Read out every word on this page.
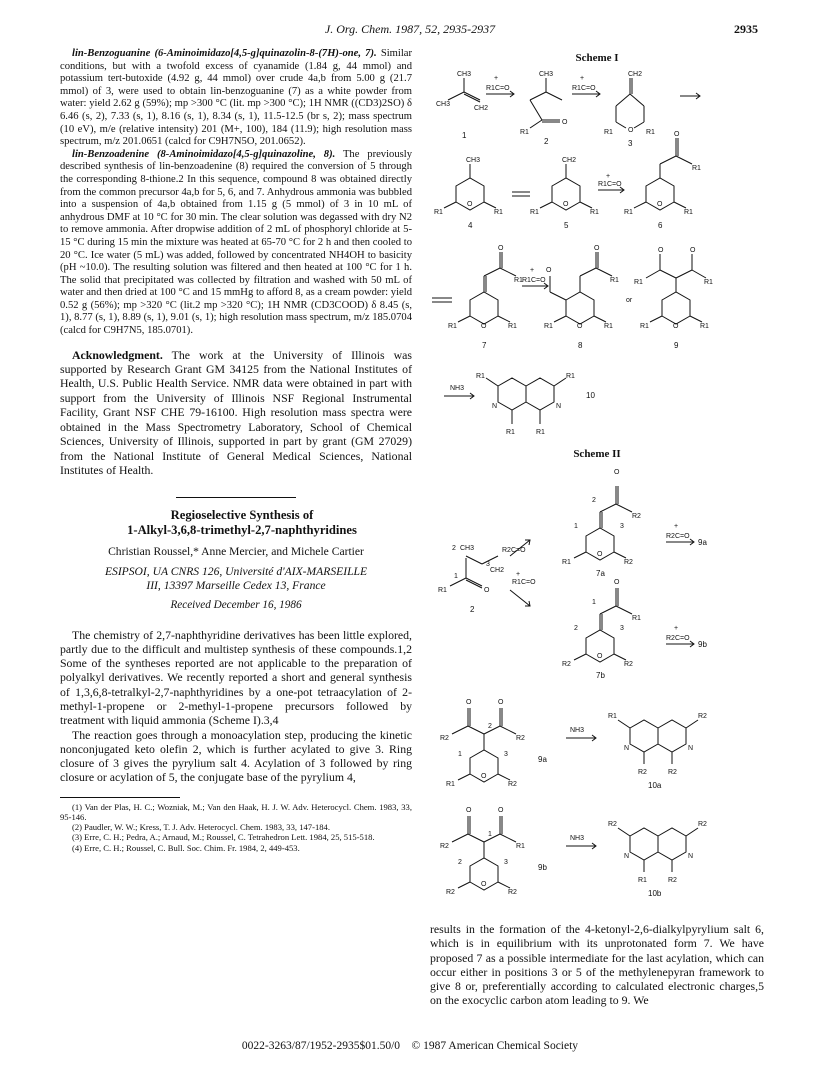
J. Org. Chem. 1987, 52, 2935-2937	2935

lin-Benzoguanine (6-Aminoimidazo[4,5-g]quinazolin-8-(7H)-one, 7). Similar conditions, but with a twofold excess of cyanamide (1.84 g, 44 mmol) and potassium tert-butoxide (4.92 g, 44 mmol) over crude 4a,b from 5.00 g (21.7 mmol) of 3, were used to obtain lin-benzoguanine (7) as a white powder from water: yield 2.62 g (59%); mp >300 °C (lit. mp >300 °C); 1H NMR ((CD3)2SO) δ 6.46 (s, 2), 7.33 (s, 1), 8.16 (s, 1), 8.34 (s, 1), 11.5-12.5 (br s, 2); mass spectrum (10 eV), m/e (relative intensity) 201 (M+, 100), 184 (11.9); high resolution mass spectrum, m/z 201.0651 (calcd for C9H7N5O, 201.0652).

lin-Benzoadenine (8-Aminoimidazo[4,5-g]quinazoline, 8). The previously described synthesis of lin-benzoadenine (8) required the conversion of 5 through the corresponding 8-thione.2 In this sequence, compound 8 was obtained directly from the common precursor 4a,b for 5, 6, and 7. Anhydrous ammonia was bubbled into a suspension of 4a,b obtained from 1.15 g (5 mmol) of 3 in 10 mL of anhydrous DMF at 10 °C for 30 min. The clear solution was degassed with dry N2 to remove ammonia. After dropwise addition of 2 mL of phosphoryl chloride at 5-15 °C during 15 min the mixture was heated at 65-70 °C for 2 h and then cooled to 20 °C. Ice water (5 mL) was added, followed by concentrated NH4OH to basicity (pH ~10.0). The resulting solution was filtered and then heated at 100 °C for 1 h. The solid that precipitated was collected by filtration and washed with 50 mL of water and then dried at 100 °C and 15 mmHg to afford 8, as a cream powder: yield 0.52 g (56%); mp >320 °C (lit.2 mp >320 °C); 1H NMR (CD3COOD) δ 8.45 (s, 1), 8.77 (s, 1), 8.89 (s, 1), 9.01 (s, 1); high resolution mass spectrum, m/z 185.0704 (calcd for C9H7N5, 185.0701).

Acknowledgment. The work at the University of Illinois was supported by Research Grant GM 34125 from the National Institutes of Health, U.S. Public Health Service. NMR data were obtained in part with support from the University of Illinois NSF Regional Instrumental Facility, Grant NSF CHE 79-16100. High resolution mass spectra were obtained in the Mass Spectrometry Laboratory, School of Chemical Sciences, University of Illinois, supported in part by grant (GM 27029) from the National Institute of General Medical Sciences, National Institutes of Health.

Regioselective Synthesis of

1-Alkyl-3,6,8-trimethyl-2,7-naphthyridines

Christian Roussel,* Anne Mercier, and Michele Cartier
ESIPSOI, UA CNRS 126, Université d'AIX-MARSEILLE
III, 13397 Marseille Cedex 13, France
Received December 16, 1986

The chemistry of 2,7-naphthyridine derivatives has been little explored, partly due to the difficult and multistep synthesis of these compounds.1,2 Some of the syntheses reported are not applicable to the preparation of polyalkyl derivatives. We recently reported a short and general synthesis of 1,3,6,8-tetralkyl-2,7-naphthyridines by a one-pot tetraacylation of 2-methyl-1-propene or 2-methyl-1-propene precursors followed by treatment with liquid ammonia (Scheme I).3,4

The reaction goes through a monoacylation step, producing the kinetic nonconjugated keto olefin 2, which is further acylated to give 3. Ring closure of 3 gives the pyrylium salt 4. Acylation of 3 followed by ring closure or acylation of 5, the conjugate base of the pyrylium 4,

(1) Van der Plas, H. C.; Wozniak, M.; Van den Haak, H. J. W. Adv. Heterocycl. Chem. 1983, 33, 95-146.

(2) Paudler, W. W.; Kress, T. J. Adv. Heterocycl. Chem. 1983, 33, 147-184.

(3) Erre, C. H.; Pedra, A.; Arnaud, M.; Roussel, C. Tetrahedron Lett. 1984, 25, 515-518.

(4) Erre, C. H.; Roussel, C. Bull. Soc. Chim. Fr. 1984, 2, 449-453.

Scheme I
CH3
CH3
CH2
1
+
R1C=O
CH3
O
R1
2
+
R1C=O
CH2
R1	R1
O
3
CH3
O
R1	R1
4
CH2
O
R1	R1
5
+
R1C=O
O
R1
O
R1	R1
6
O
R1
O
R1	R1
7
+
R1C=O
O
O
R1
O
R1	R1
8
or
O	O
R1	R1
O
R1	R1
9
NH3
R1	R1
N	N
R1	R1
10
Scheme II
2 CH3
3
CH2
1
R1	O
2
R2C=O
+
R1C=O
O
2
R2
1	3
O
R1	R2
7a
+
R2C=O
9a
O
1
R1
2	3
O
R2	R2
7b
+
R2C=O
9b
O	O
R2	R2
2
1	3
O
R1	R2
9a
NH3
R1	R2
N	N
R2	R2
10a
O	O
R2	R1
1
2	3
O
R2	R2
9b
NH3
R2	R2
N	N
R1	R2
10b
results in the formation of the 4-ketonyl-2,6-dialkylpyrylium salt 6, which is in equilibrium with its unprotonated form 7. We have proposed 7 as a possible intermediate for the last acylation, which can occur either in positions 3 or 5 of the methylenepyran framework to give 8 or, preferentially according to calculated electronic charges,5 on the exocyclic carbon atom leading to 9. We
0022-3263/87/1952-2935$01.50/0 © 1987 American Chemical Society
